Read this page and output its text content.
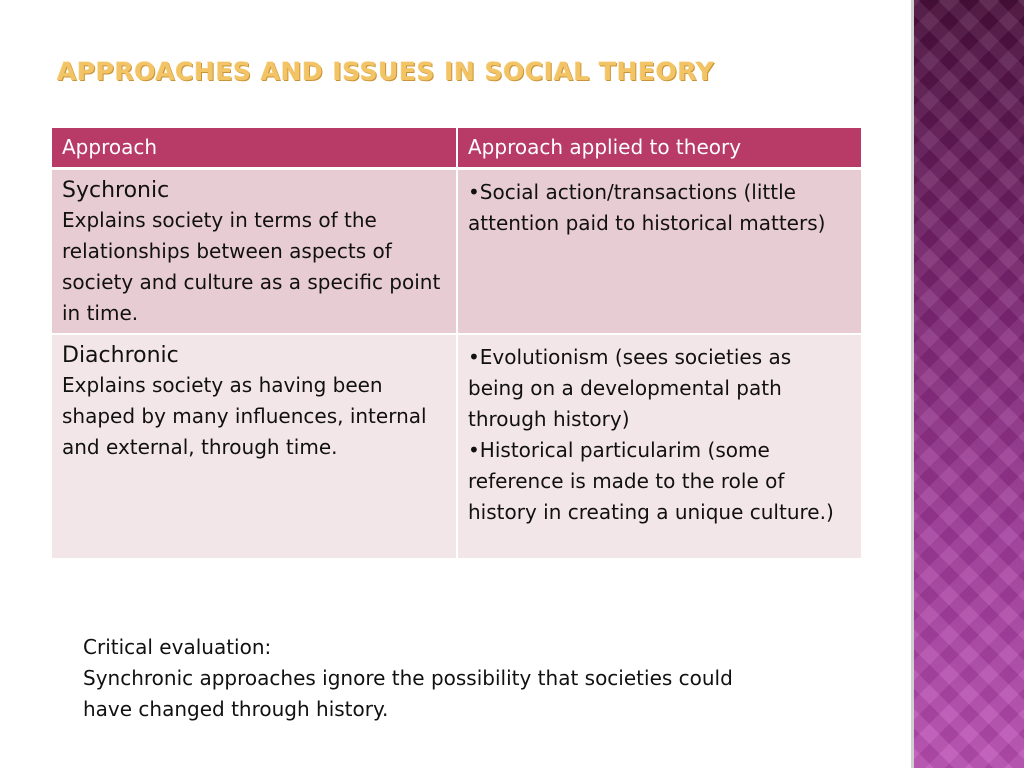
APPROACHES AND ISSUES IN SOCIAL THEORY
Approach	Approach applied to theory

Sychronic
Explains society in terms of the relationships between aspects of society and culture as a specific point in time.	•Social action/transactions (little attention paid to historical matters)

Diachronic
Explains society as having been shaped by many influences, internal and external, through time.	•Evolutionism (sees societies as being on a developmental path through history)
•Historical particularim (some reference is made to the role of history in creating a unique culture.)
Critical evaluation:
Synchronic approaches ignore the possibility that societies could have changed through history.
